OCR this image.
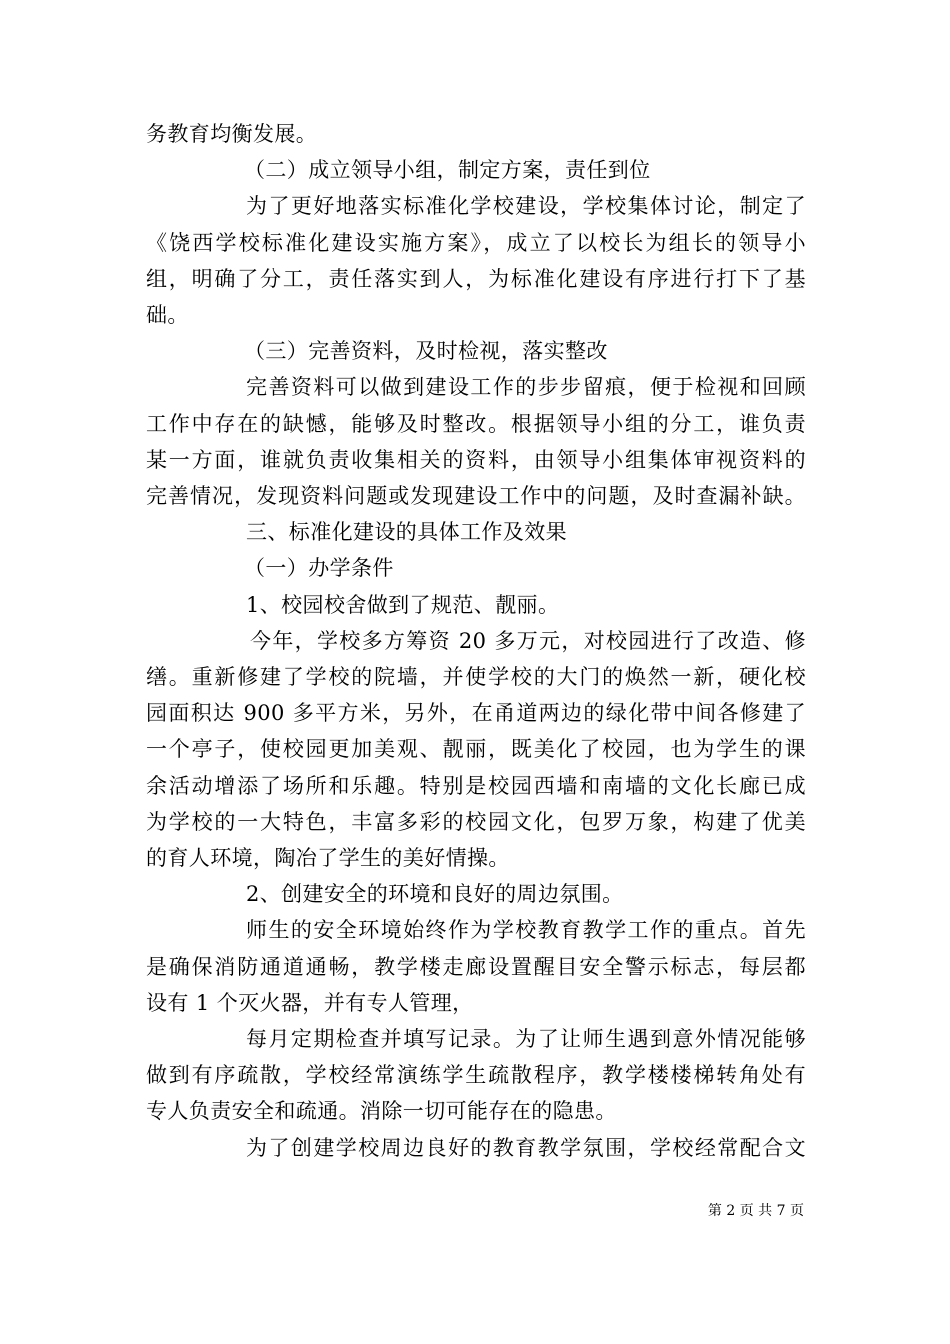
务教育均衡发展。
（二）成立领导小组，制定方案，责任到位
为了更好地落实标准化学校建设，学校集体讨论，制定了
《饶西学校标准化建设实施方案》，成立了以校长为组长的领导小
组，明确了分工，责任落实到人，为标准化建设有序进行打下了基
础。
（三）完善资料，及时检视，落实整改
完善资料可以做到建设工作的步步留痕，便于检视和回顾
工作中存在的缺憾，能够及时整改。根据领导小组的分工，谁负责
某一方面，谁就负责收集相关的资料，由领导小组集体审视资料的
完善情况，发现资料问题或发现建设工作中的问题，及时查漏补缺。
三、标准化建设的具体工作及效果
（一）办学条件
1、校园校舍做到了规范、靓丽。
今年，学校多方筹资 20 多万元，对校园进行了改造、修
缮。重新修建了学校的院墙，并使学校的大门的焕然一新，硬化校
园面积达 900 多平方米，另外，在甬道两边的绿化带中间各修建了
一个亭子，使校园更加美观、靓丽，既美化了校园，也为学生的课
余活动增添了场所和乐趣。特别是校园西墙和南墙的文化长廊已成
为学校的一大特色，丰富多彩的校园文化，包罗万象，构建了优美
的育人环境，陶冶了学生的美好情操。
2、创建安全的环境和良好的周边氛围。
师生的安全环境始终作为学校教育教学工作的重点。首先
是确保消防通道通畅，教学楼走廊设置醒目安全警示标志，每层都
设有 1 个灭火器，并有专人管理，
每月定期检查并填写记录。为了让师生遇到意外情况能够
做到有序疏散，学校经常演练学生疏散程序，教学楼楼梯转角处有
专人负责安全和疏通。消除一切可能存在的隐患。
为了创建学校周边良好的教育教学氛围，学校经常配合文
第 2 页 共 7 页
